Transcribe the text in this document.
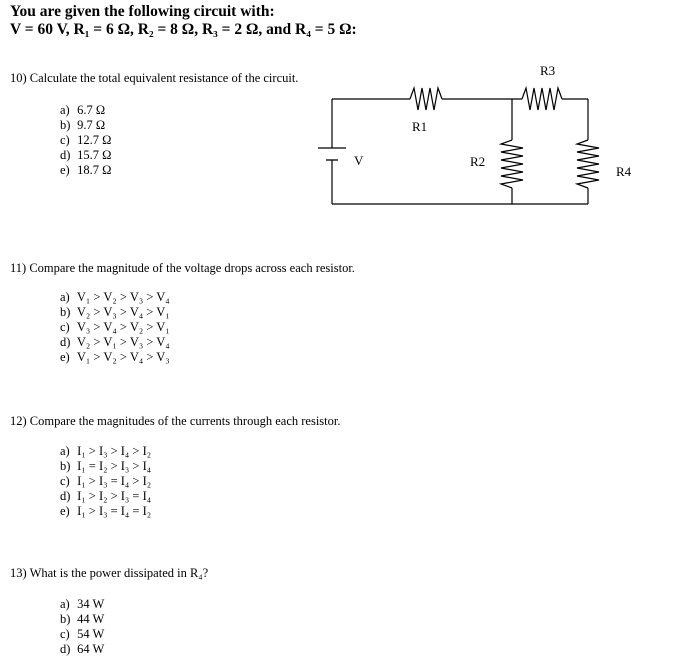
You are given the following circuit with:
V = 60 V, R₁ = 6 Ω, R₂ = 8 Ω, R₃ = 2 Ω, and R₄ = 5 Ω:
10) Calculate the total equivalent resistance of the circuit.
a) 6.7 Ω
b) 9.7 Ω
c) 12.7 Ω
d) 15.7 Ω
e) 18.7 Ω
11) Compare the magnitude of the voltage drops across each resistor.
a) V₁ > V₂ > V₃ > V₄
b) V₂ > V₃ > V₄ > V₁
c) V₃ > V₄ > V₂ > V₁
d) V₂ > V₁ > V₃ > V₄
e) V₁ > V₂ > V₄ > V₃
12) Compare the magnitudes of the currents through each resistor.
a) I₁ > I₃ > I₄ > I₂
b) I₁ = I₂ > I₃ > I₄
c) I₁ > I₃ = I₄ > I₂
d) I₁ > I₂ > I₃ = I₄
e) I₁ > I₃ = I₄ = I₂
13) What is the power dissipated in R₄?
a) 34 W
b) 44 W
c) 54 W
d) 64 W
R1
R2
R3
R4
V
